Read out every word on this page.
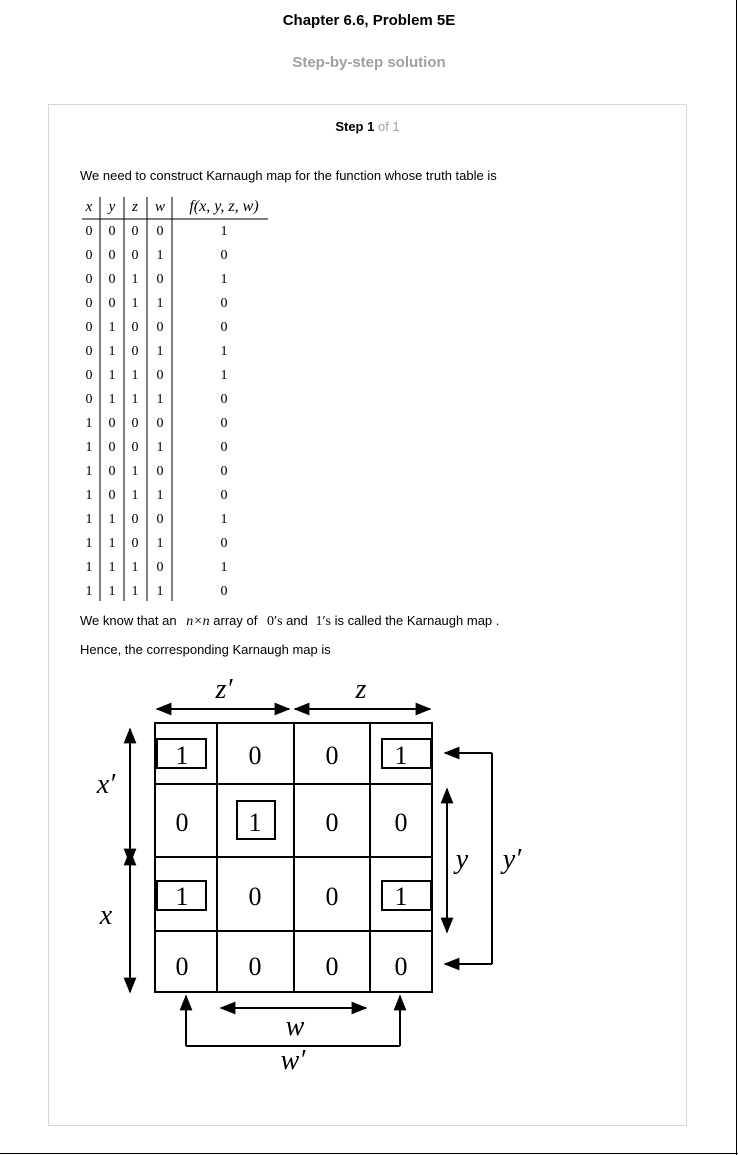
Chapter 6.6, Problem 5E
Step-by-step solution
Step 1 of 1
We need to construct Karnaugh map for the function whose truth table is
x y z w f(x, y, z, w)
0 0 0 0	1
0 0 0 1	0
0 0 1 0	1
0 0 1 1	0
0 1 0 0	0
0 1 0 1	1
0 1 1 0	1
0 1 1 1	0
1 0 0 0	0
1 0 0 1	0
1 0 1 0	0
1 0 1 1	0
1 1 0 0	1
1 1 0 1	0
1 1 1 0	1
1 1 1 1	0
We know that an n×n array of 0′s and 1′s is called the Karnaugh map .
Hence, the corresponding Karnaugh map is
1 0 0 1
0 1 0 0
1 0 0 1
0 0 0 0
z′	z
x′
x
y y′
w
w′
